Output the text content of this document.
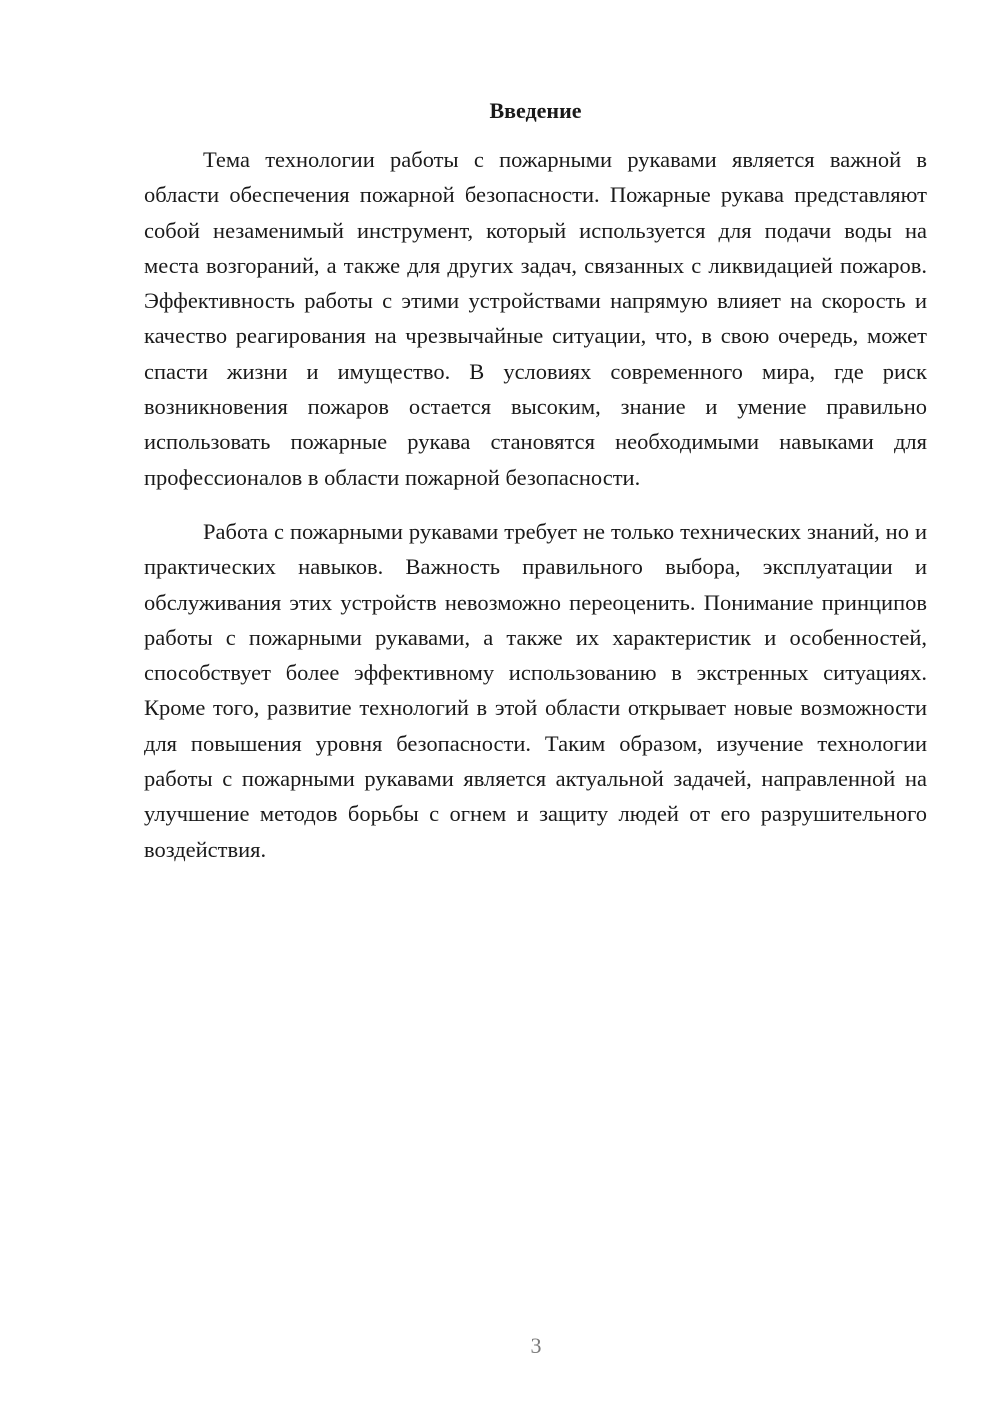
Введение

Тема технологии работы с пожарными рукавами является важной в области обеспечения пожарной безопасности. Пожарные рукава представляют собой незаменимый инструмент, который используется для подачи воды на места возгораний, а также для других задач, связанных с ликвидацией пожаров. Эффективность работы с этими устройствами напрямую влияет на скорость и качество реагирования на чрезвычайные ситуации, что, в свою очередь, может спасти жизни и имущество. В условиях современного мира, где риск возникновения пожаров остается высоким, знание и умение правильно использовать пожарные рукава становятся необходимыми навыками для профессионалов в области пожарной безопасности.

Работа с пожарными рукавами требует не только технических знаний, но и практических навыков. Важность правильного выбора, эксплуатации и обслуживания этих устройств невозможно переоценить. Понимание принципов работы с пожарными рукавами, а также их характеристик и особенностей, способствует более эффективному использованию в экстренных ситуациях. Кроме того, развитие технологий в этой области открывает новые возможности для повышения уровня безопасности. Таким образом, изучение технологии работы с пожарными рукавами является актуальной задачей, направленной на улучшение методов борьбы с огнем и защиту людей от его разрушительного воздействия.

3
